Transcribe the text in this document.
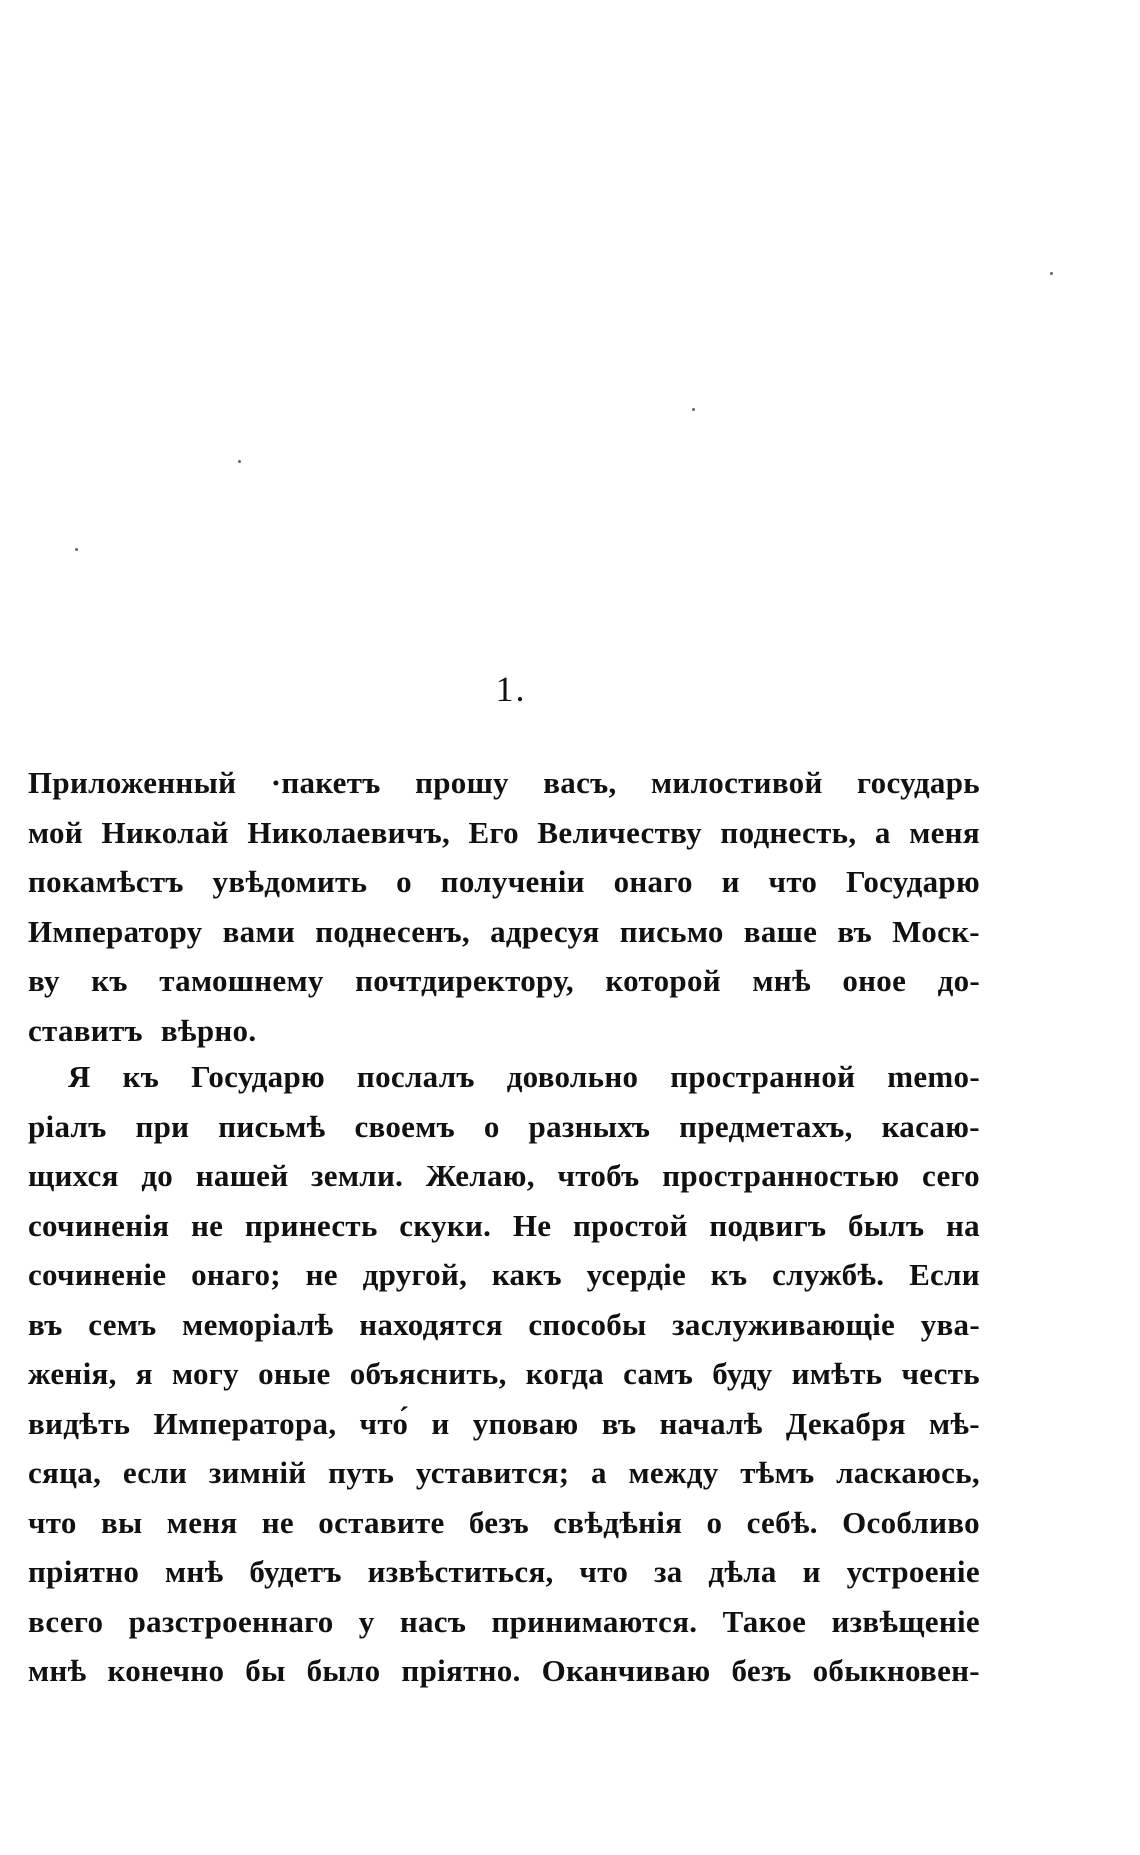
1.
Приложенный ·пакетъ прошу васъ, милостивой государь
мой Николай Николаевичъ, Его Величеству поднесть, а меня
покамѣстъ увѣдомить о полученіи онаго и что Государю
Императору вами поднесенъ, адресуя письмо ваше въ Моск-
ву къ тамошнему почтдиректору, которой мнѣ оное до-
ставитъ вѣрно.
Я къ Государю послалъ довольно пространной memo-
ріалъ при письмѣ своемъ о разныхъ предметахъ, касаю-
щихся до нашей земли. Желаю, чтобъ пространностью сего
сочиненія не принесть скуки. Не простой подвигъ былъ на
сочиненіе онаго; не другой, какъ усердіе къ службѣ. Если
въ семъ меморіалѣ находятся способы заслуживающіе ува-
женія, я могу оные объяснить, когда самъ буду имѣть честь
видѣть Императора, что́ и уповаю въ началѣ Декабря мѣ-
сяца, если зимній путь уставится; а между тѣмъ ласкаюсь,
что вы меня не оставите безъ свѣдѣнія о себѣ. Особливо
пріятно мнѣ будетъ извѣститься, что за дѣла и устроеніе
всего разстроеннаго у насъ принимаются. Такое извѣщеніе
мнѣ конечно бы было пріятно. Оканчиваю безъ обыкновен-
